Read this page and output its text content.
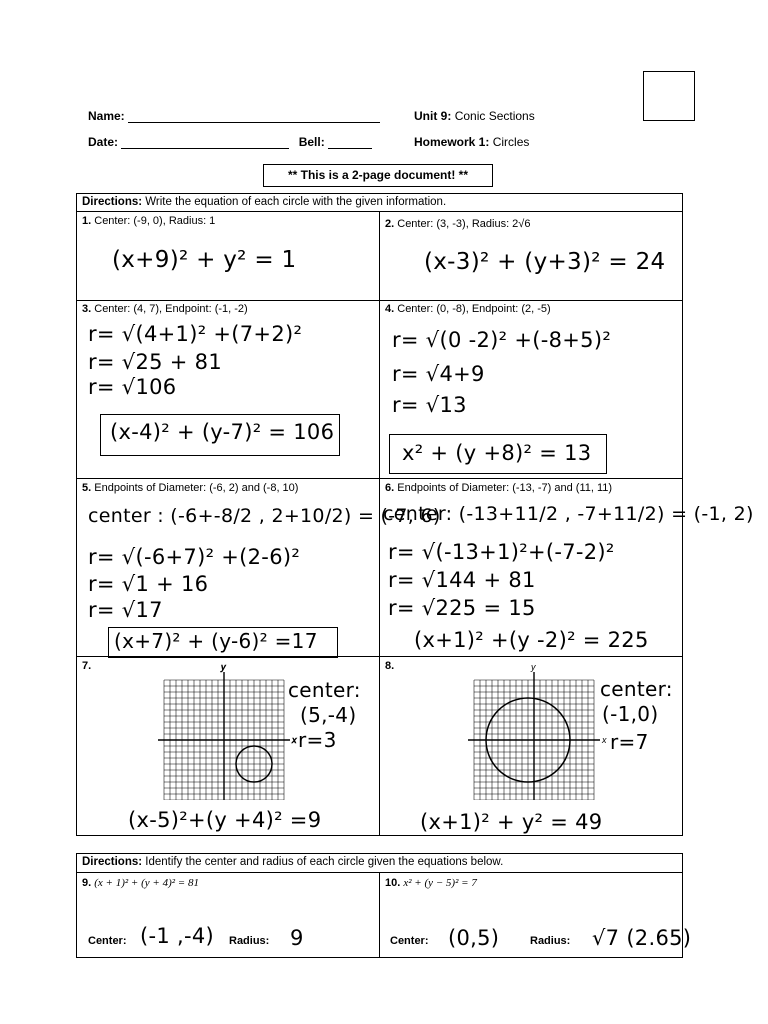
Name:
Date:	Bell:
Unit 9: Conic Sections
Homework 1: Circles
** This is a 2-page document! **
Directions: Write the equation of each circle with the given information.
1. Center: (-9, 0), Radius: 1
(x+9)² + y² = 1
2. Center: (3, -3), Radius: 2√6
(x-3)² + (y+3)² = 24
3. Center: (4, 7), Endpoint: (-1, -2)
r= √(4+1)² +(7+2)²
r= √25 + 81
r= √106
(x-4)² + (y-7)² = 106
4. Center: (0, -8), Endpoint: (2, -5)
r= √(0 -2)² +(-8+5)²
r= √4+9
r= √13
x² + (y +8)² = 13
5. Endpoints of Diameter: (-6, 2) and (-8, 10)
center : (-6+-8/2 , 2+10/2) = (-7, 6)
r= √(-6+7)² +(2-6)²
r= √1 + 16
r= √17
(x+7)² + (y-6)² =17
6. Endpoints of Diameter: (-13, -7) and (11, 11)
center: (-13+11/2 , -7+11/2) = (-1, 2)
r= √(-13+1)²+(-7-2)²
r= √144 + 81
r= √225 = 15
(x+1)² +(y -2)² = 225
7.
x
y
center:
(5,-4)
r=3
(x-5)²+(y +4)² =9
8.
x
y
center:
(-1,0)
r=7
(x+1)² + y² = 49
Directions: Identify the center and radius of each circle given the equations below.
9. (x + 1)² + (y + 4)² = 81
Center: (-1 ,-4) Radius: 9
10. x² + (y − 5)² = 7
Center: (0,5)	Radius: √7 (2.65)
